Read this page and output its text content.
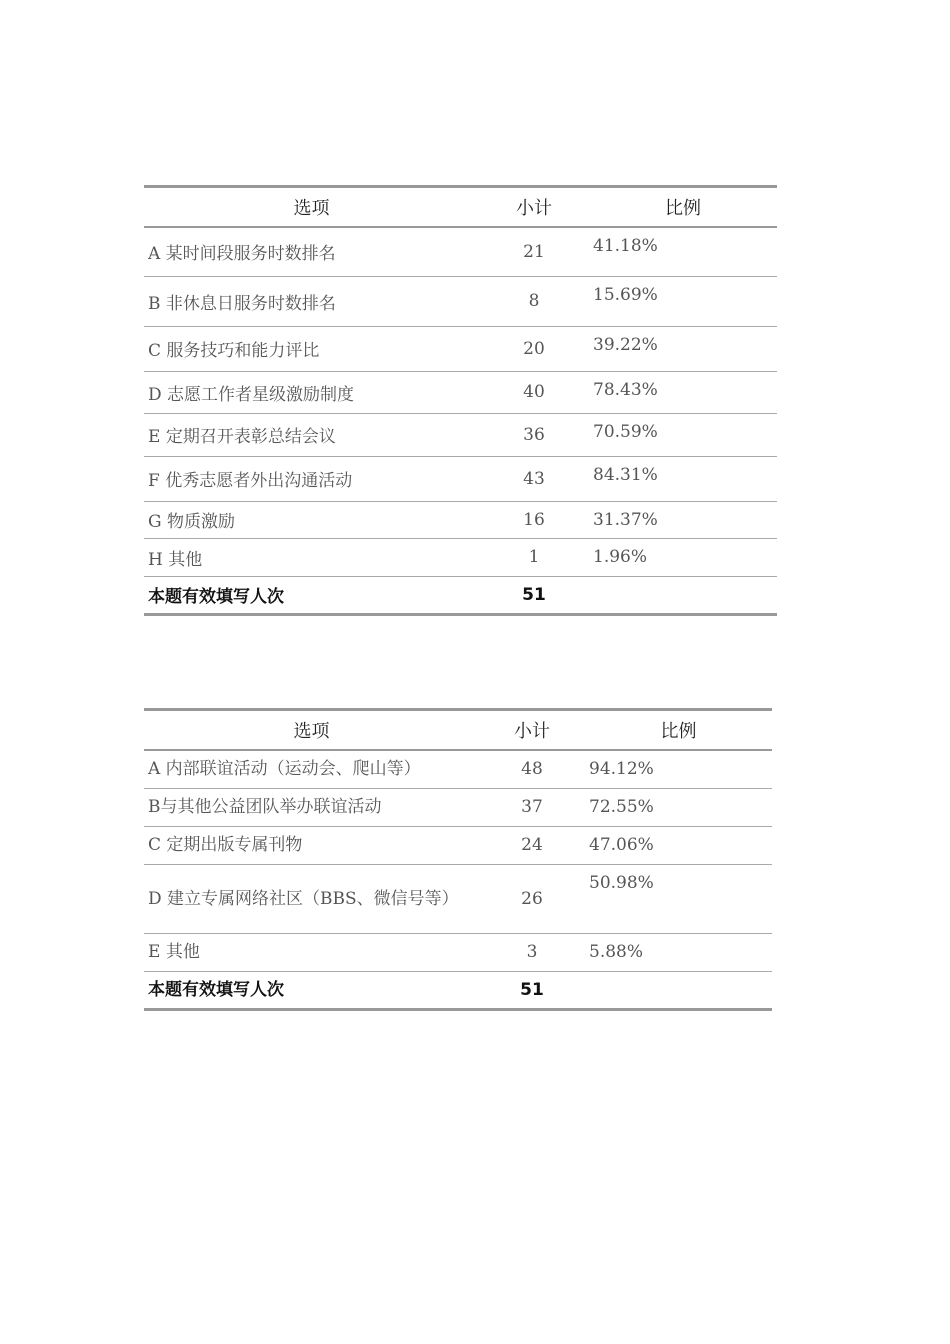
选项	小计	比例
A 某时间段服务时数排名	21	41.18%
B 非休息日服务时数排名	8	15.69%
C 服务技巧和能力评比	20	39.22%
D 志愿工作者星级激励制度	40	78.43%
E 定期召开表彰总结会议	36	70.59%
F 优秀志愿者外出沟通活动	43	84.31%
G 物质激励	16	31.37%
H 其他	1	1.96%
本题有效填写人次	51	
选项	小计	比例
A 内部联谊活动（运动会、爬山等）	48	94.12%
B与其他公益团队举办联谊活动	37	72.55%
C 定期出版专属刊物	24	47.06%
D 建立专属网络社区（BBS、微信号等）	26	50.98%
E 其他	3	5.88%
本题有效填写人次	51	
